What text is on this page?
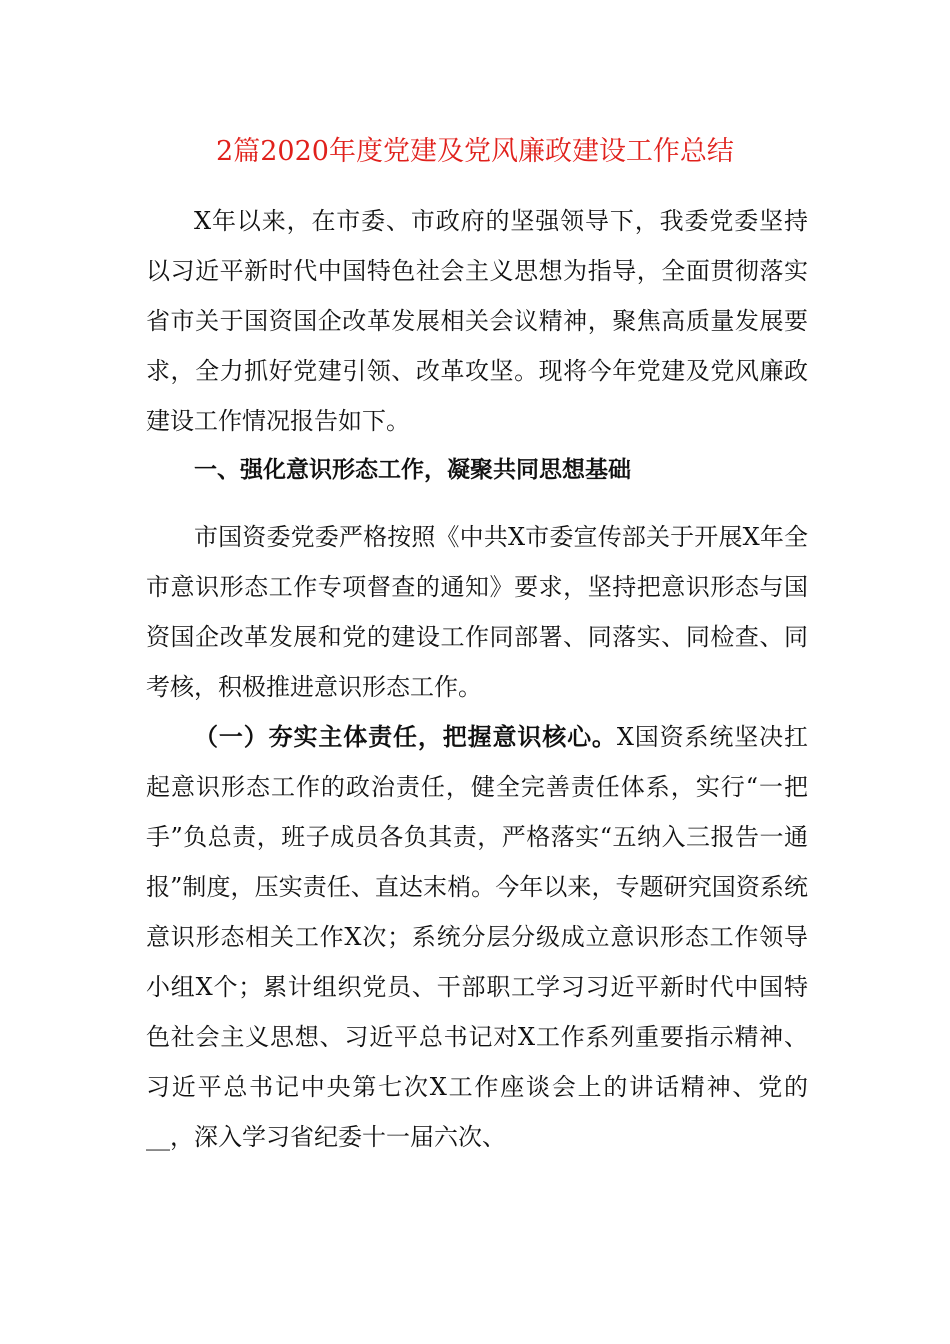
2篇2020年度党建及党风廉政建设工作总结

X年以来，在市委、市政府的坚强领导下，我委党委坚持以习近平新时代中国特色社会主义思想为指导，全面贯彻落实省市关于国资国企改革发展相关会议精神，聚焦高质量发展要求，全力抓好党建引领、改革攻坚。现将今年党建及党风廉政建设工作情况报告如下。

一、强化意识形态工作，凝聚共同思想基础

市国资委党委严格按照《中共X市委宣传部关于开展X年全市意识形态工作专项督查的通知》要求，坚持把意识形态与国资国企改革发展和党的建设工作同部署、同落实、同检查、同考核，积极推进意识形态工作。

（一）夯实主体责任，把握意识核心。X国资系统坚决扛起意识形态工作的政治责任，健全完善责任体系，实行“一把手”负总责，班子成员各负其责，严格落实“五纳入三报告一通报”制度，压实责任、直达末梢。今年以来，专题研究国资系统意识形态相关工作X次；系统分层分级成立意识形态工作领导小组X个；累计组织党员、干部职工学习习近平新时代中国特色社会主义思想、习近平总书记对X工作系列重要指示精神、习近平总书记中央第七次X工作座谈会上的讲话精神、党的__，深入学习省纪委十一届六次、
